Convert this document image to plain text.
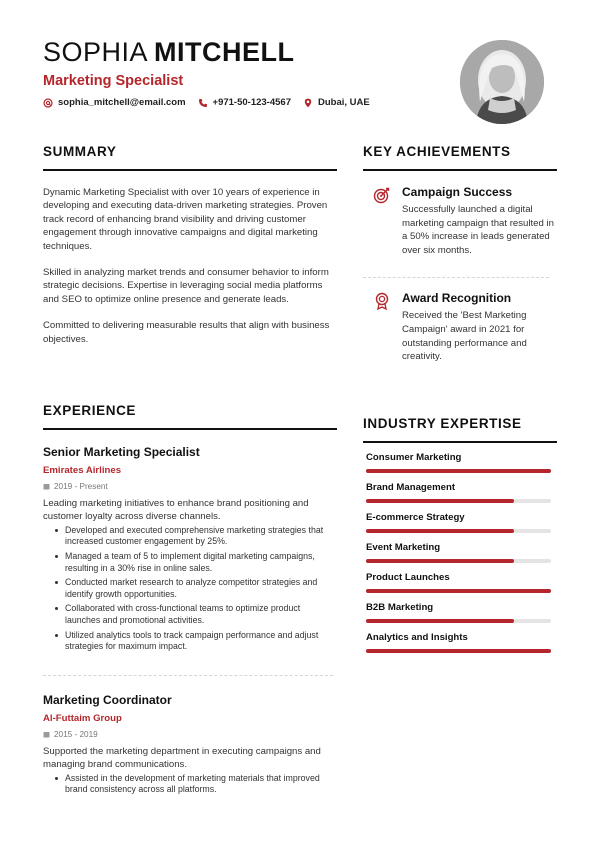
SOPHIA MITCHELL
Marketing Specialist
sophia_mitchell@email.com	+971-50-123-4567	Dubai, UAE
SUMMARY

Dynamic Marketing Specialist with over 10 years of experience in developing and executing data-driven marketing strategies. Proven track record of enhancing brand visibility and driving customer engagement through innovative campaigns and digital marketing techniques.

Skilled in analyzing market trends and consumer behavior to inform strategic decisions. Expertise in leveraging social media platforms and SEO to optimize online presence and generate leads.

Committed to delivering measurable results that align with business objectives.

KEY ACHIEVEMENTS
Campaign Success
Successfully launched a digital marketing campaign that resulted in a 50% increase in leads generated over six months.
Award Recognition
Received the 'Best Marketing Campaign' award in 2021 for outstanding performance and creativity.
EXPERIENCE
Senior Marketing Specialist
Emirates Airlines
2019 - Present
Leading marketing initiatives to enhance brand positioning and customer loyalty across diverse channels.
Developed and executed comprehensive marketing strategies that increased customer engagement by 25%.
Managed a team of 5 to implement digital marketing campaigns, resulting in a 30% rise in online sales.
Conducted market research to analyze competitor strategies and identify growth opportunities.
Collaborated with cross-functional teams to optimize product launches and promotional activities.
Utilized analytics tools to track campaign performance and adjust strategies for maximum impact.
Marketing Coordinator
Al-Futtaim Group
2015 - 2019
Supported the marketing department in executing campaigns and managing brand communications.
Assisted in the development of marketing materials that improved brand consistency across all platforms.
INDUSTRY EXPERTISE
Consumer Marketing
Brand Management
E-commerce Strategy
Event Marketing
Product Launches
B2B Marketing
Analytics and Insights
